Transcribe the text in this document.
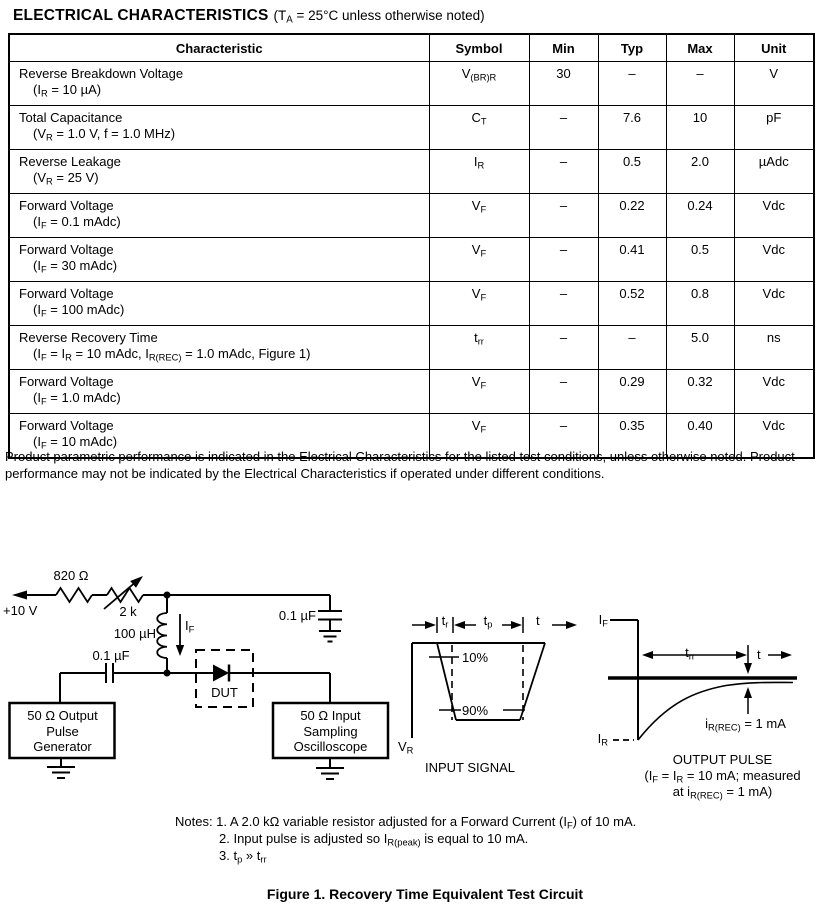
ELECTRICAL CHARACTERISTICS ($T_A = 25^\circ C$ unless otherwise noted)
Characteristic	Symbol	Min	Typ	Max	Unit

Reverse Breakdown Voltage
($I_R = 10$ µA)	$V_{(BR)R}$	30	–	–	V

Total Capacitance
($V_R = 1.0$ V, f = 1.0 MHz)	$C_T$	–	7.6	10	pF

Reverse Leakage
($V_R = 25$ V)	$I_R$	–	0.5	2.0	µAdc

Forward Voltage
($I_F = 0.1$ mAdc)	$V_F$	–	0.22	0.24	Vdc

Forward Voltage
($I_F = 30$ mAdc)	$V_F$	–	0.41	0.5	Vdc

Forward Voltage
($I_F = 100$ mAdc)	$V_F$	–	0.52	0.8	Vdc

Reverse Recovery Time
($I_F = I_R = 10$ mAdc, $I_{R(REC)} = 1.0$ mAdc, Figure 1)	$t_{rr}$	–	–	5.0	ns

Forward Voltage
($I_F = 1.0$ mAdc)	$V_F$	–	0.29	0.32	Vdc

Forward Voltage
($I_F = 10$ mAdc)	$V_F$	–	0.35	0.40	Vdc
Product parametric performance is indicated in the Electrical Characteristics for the listed test conditions, unless otherwise noted. Product performance may not be indicated by the Electrical Characteristics if operated under different conditions.
+10 V
820 Ω
2 k
100 µH
$I_F$
0.1 µF
0.1 µF
DUT
50 Ω Output
Pulse
Generator
50 Ω Input
Sampling
Oscilloscope
$t_r$	$t_p$	t
10%
90%
$V_R$
INPUT SIGNAL
$I_F$
$I_R$
$t_{rr}$	t
$i_{R(REC)} = 1$ mA
OUTPUT PULSE
($I_F = I_R = 10$ mA; measured
at $i_{R(REC)} = 1$ mA)
Notes: 1. A 2.0 kΩ variable resistor adjusted for a Forward Current $(I_F)$ of 10 mA.
2. Input pulse is adjusted so $I_{R(peak)}$ is equal to 10 mA.
3. $t_p$ » $t_{rr}$
Figure 1. Recovery Time Equivalent Test Circuit
